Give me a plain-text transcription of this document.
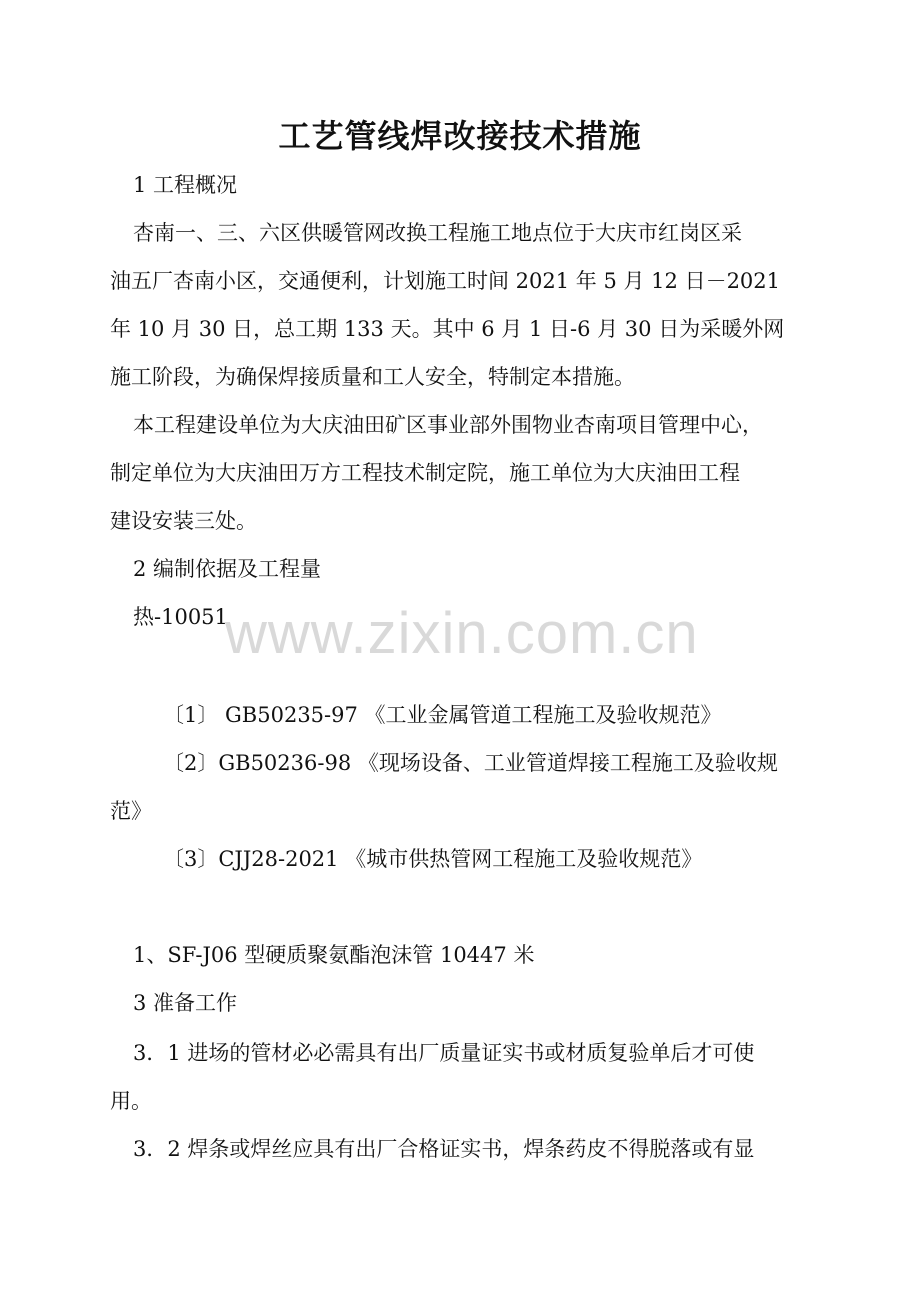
工艺管线焊改接技术措施
1 工程概况
杏南一、三、六区供暖管网改换工程施工地点位于大庆市红岗区采
油五厂杏南小区，交通便利，计划施工时间 2021 年 5 月 12 日－2021
年 10 月 30 日，总工期 133 天。其中 6 月 1 日-6 月 30 日为采暖外网
施工阶段，为确保焊接质量和工人安全，特制定本措施。
本工程建设单位为大庆油田矿区事业部外围物业杏南项目管理中心，
制定单位为大庆油田万方工程技术制定院，施工单位为大庆油田工程
建设安装三处。
2 编制依据及工程量
热-10051
〔1〕 GB50235-97 《工业金属管道工程施工及验收规范》
〔2〕GB50236-98 《现场设备、工业管道焊接工程施工及验收规
范》
〔3〕CJJ28-2021 《城市供热管网工程施工及验收规范》
1、SF-J06 型硬质聚氨酯泡沫管 10447 米
3 准备工作
3．1 进场的管材必必需具有出厂质量证实书或材质复验单后才可使
用。
3．2 焊条或焊丝应具有出厂合格证实书，焊条药皮不得脱落或有显
www.zixin.com.cn
